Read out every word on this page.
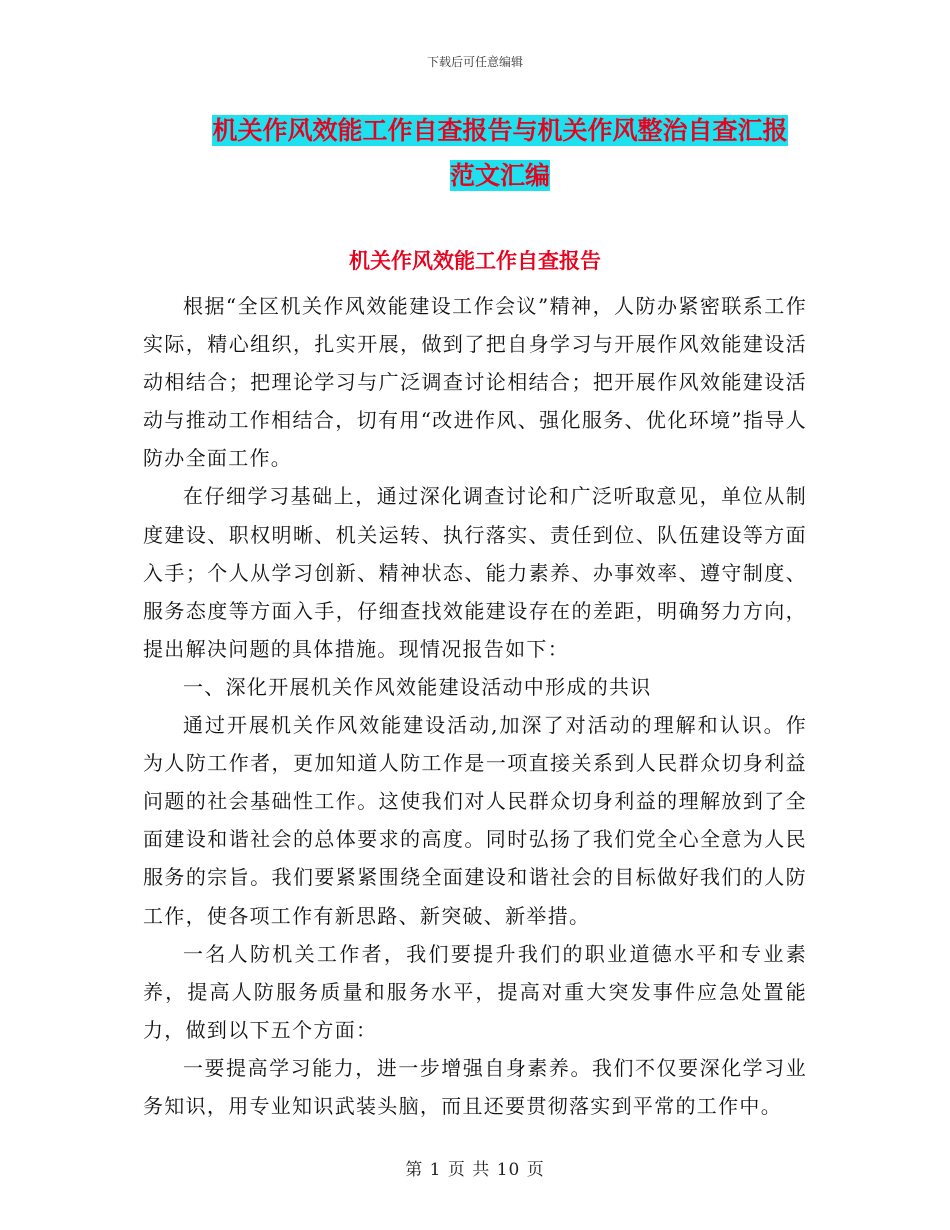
下载后可任意编辑
机关作风效能工作自查报告与机关作风整治自查汇报
范文汇编
机关作风效能工作自查报告

根据“全区机关作风效能建设工作会议”精神，人防办紧密联系工作实际，精心组织，扎实开展，做到了把自身学习与开展作风效能建设活动相结合；把理论学习与广泛调查讨论相结合；把开展作风效能建设活动与推动工作相结合，切有用“改进作风、强化服务、优化环境”指导人防办全面工作。

在仔细学习基础上，通过深化调查讨论和广泛听取意见，单位从制度建设、职权明晰、机关运转、执行落实、责任到位、队伍建设等方面入手；个人从学习创新、精神状态、能力素养、办事效率、遵守制度、服务态度等方面入手，仔细查找效能建设存在的差距，明确努力方向，提出解决问题的具体措施。现情况报告如下：

一、深化开展机关作风效能建设活动中形成的共识

通过开展机关作风效能建设活动,加深了对活动的理解和认识。作为人防工作者，更加知道人防工作是一项直接关系到人民群众切身利益问题的社会基础性工作。这使我们对人民群众切身利益的理解放到了全面建设和谐社会的总体要求的高度。同时弘扬了我们党全心全意为人民服务的宗旨。我们要紧紧围绕全面建设和谐社会的目标做好我们的人防工作，使各项工作有新思路、新突破、新举措。

一名人防机关工作者，我们要提升我们的职业道德水平和专业素养，提高人防服务质量和服务水平，提高对重大突发事件应急处置能力，做到以下五个方面：

一要提高学习能力，进一步增强自身素养。我们不仅要深化学习业务知识，用专业知识武装头脑，而且还要贯彻落实到平常的工作中。

第 1 页 共 10 页
